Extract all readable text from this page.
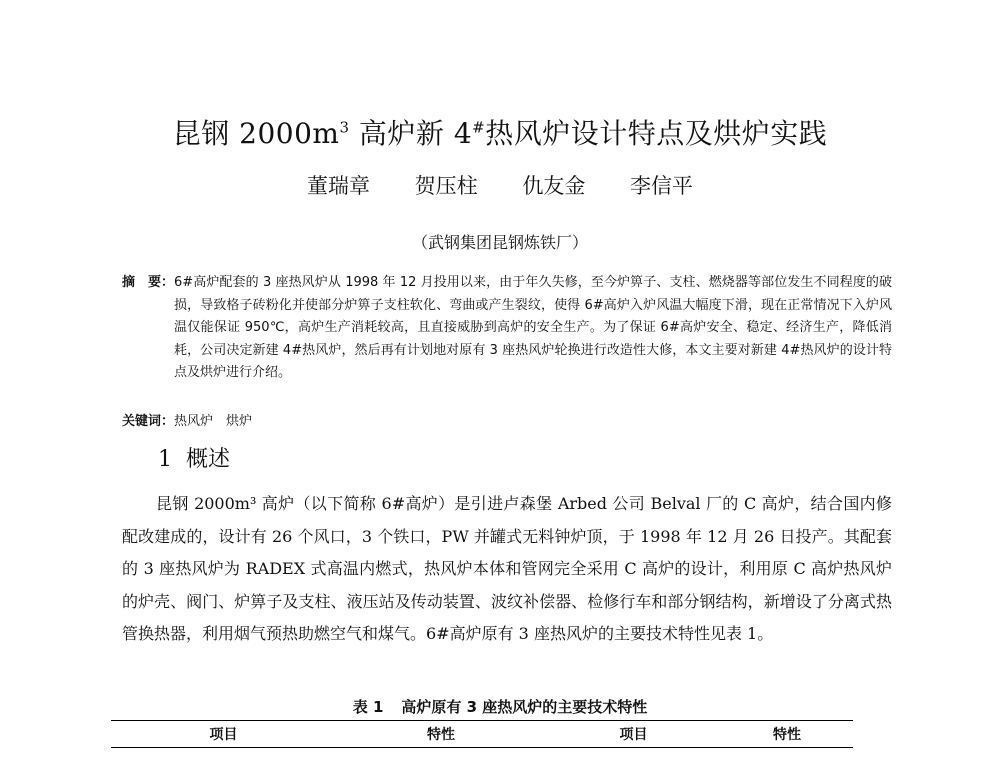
昆钢 $2000m^3$ 高炉新 4#热风炉设计特点及烘炉实践
董瑞章 贺压柱 仇友金 李信平
（武钢集团昆钢炼铁厂）
摘　要： 6#高炉配套的 3 座热风炉从 1998 年 12 月投用以来，由于年久失修，至今炉箅子、支柱、燃烧器等部位发生不同程度的破损，导致格子砖粉化并使部分炉箅子支柱软化、弯曲或产生裂纹，使得 6#高炉入炉风温大幅度下滑，现在正常情况下入炉风温仅能保证 950℃，高炉生产消耗较高，且直接威胁到高炉的安全生产。为了保证 6#高炉安全、稳定、经济生产，降低消耗，公司决定新建 4#热风炉，然后再有计划地对原有 3 座热风炉轮换进行改造性大修，本文主要对新建 4#热风炉的设计特点及烘炉进行介绍。
关键词：热风炉　烘炉
1 概述
昆钢 2000m³ 高炉（以下简称 6#高炉）是引进卢森堡 Arbed 公司 Belval 厂的 C 高炉，结合国内修配改建成的，设计有 26 个风口，3 个铁口，PW 并罐式无料钟炉顶，于 1998 年 12 月 26 日投产。其配套的 3 座热风炉为 RADEX 式高温内燃式，热风炉本体和管网完全采用 C 高炉的设计，利用原 C 高炉热风炉的炉壳、阀门、炉箅子及支柱、液压站及传动装置、波纹补偿器、检修行车和部分钢结构，新增设了分离式热管换热器，利用烟气预热助燃空气和煤气。6#高炉原有 3 座热风炉的主要技术特性见表 1。
表 1 高炉原有 3 座热风炉的主要技术特性
项目	特性	项目	特性
